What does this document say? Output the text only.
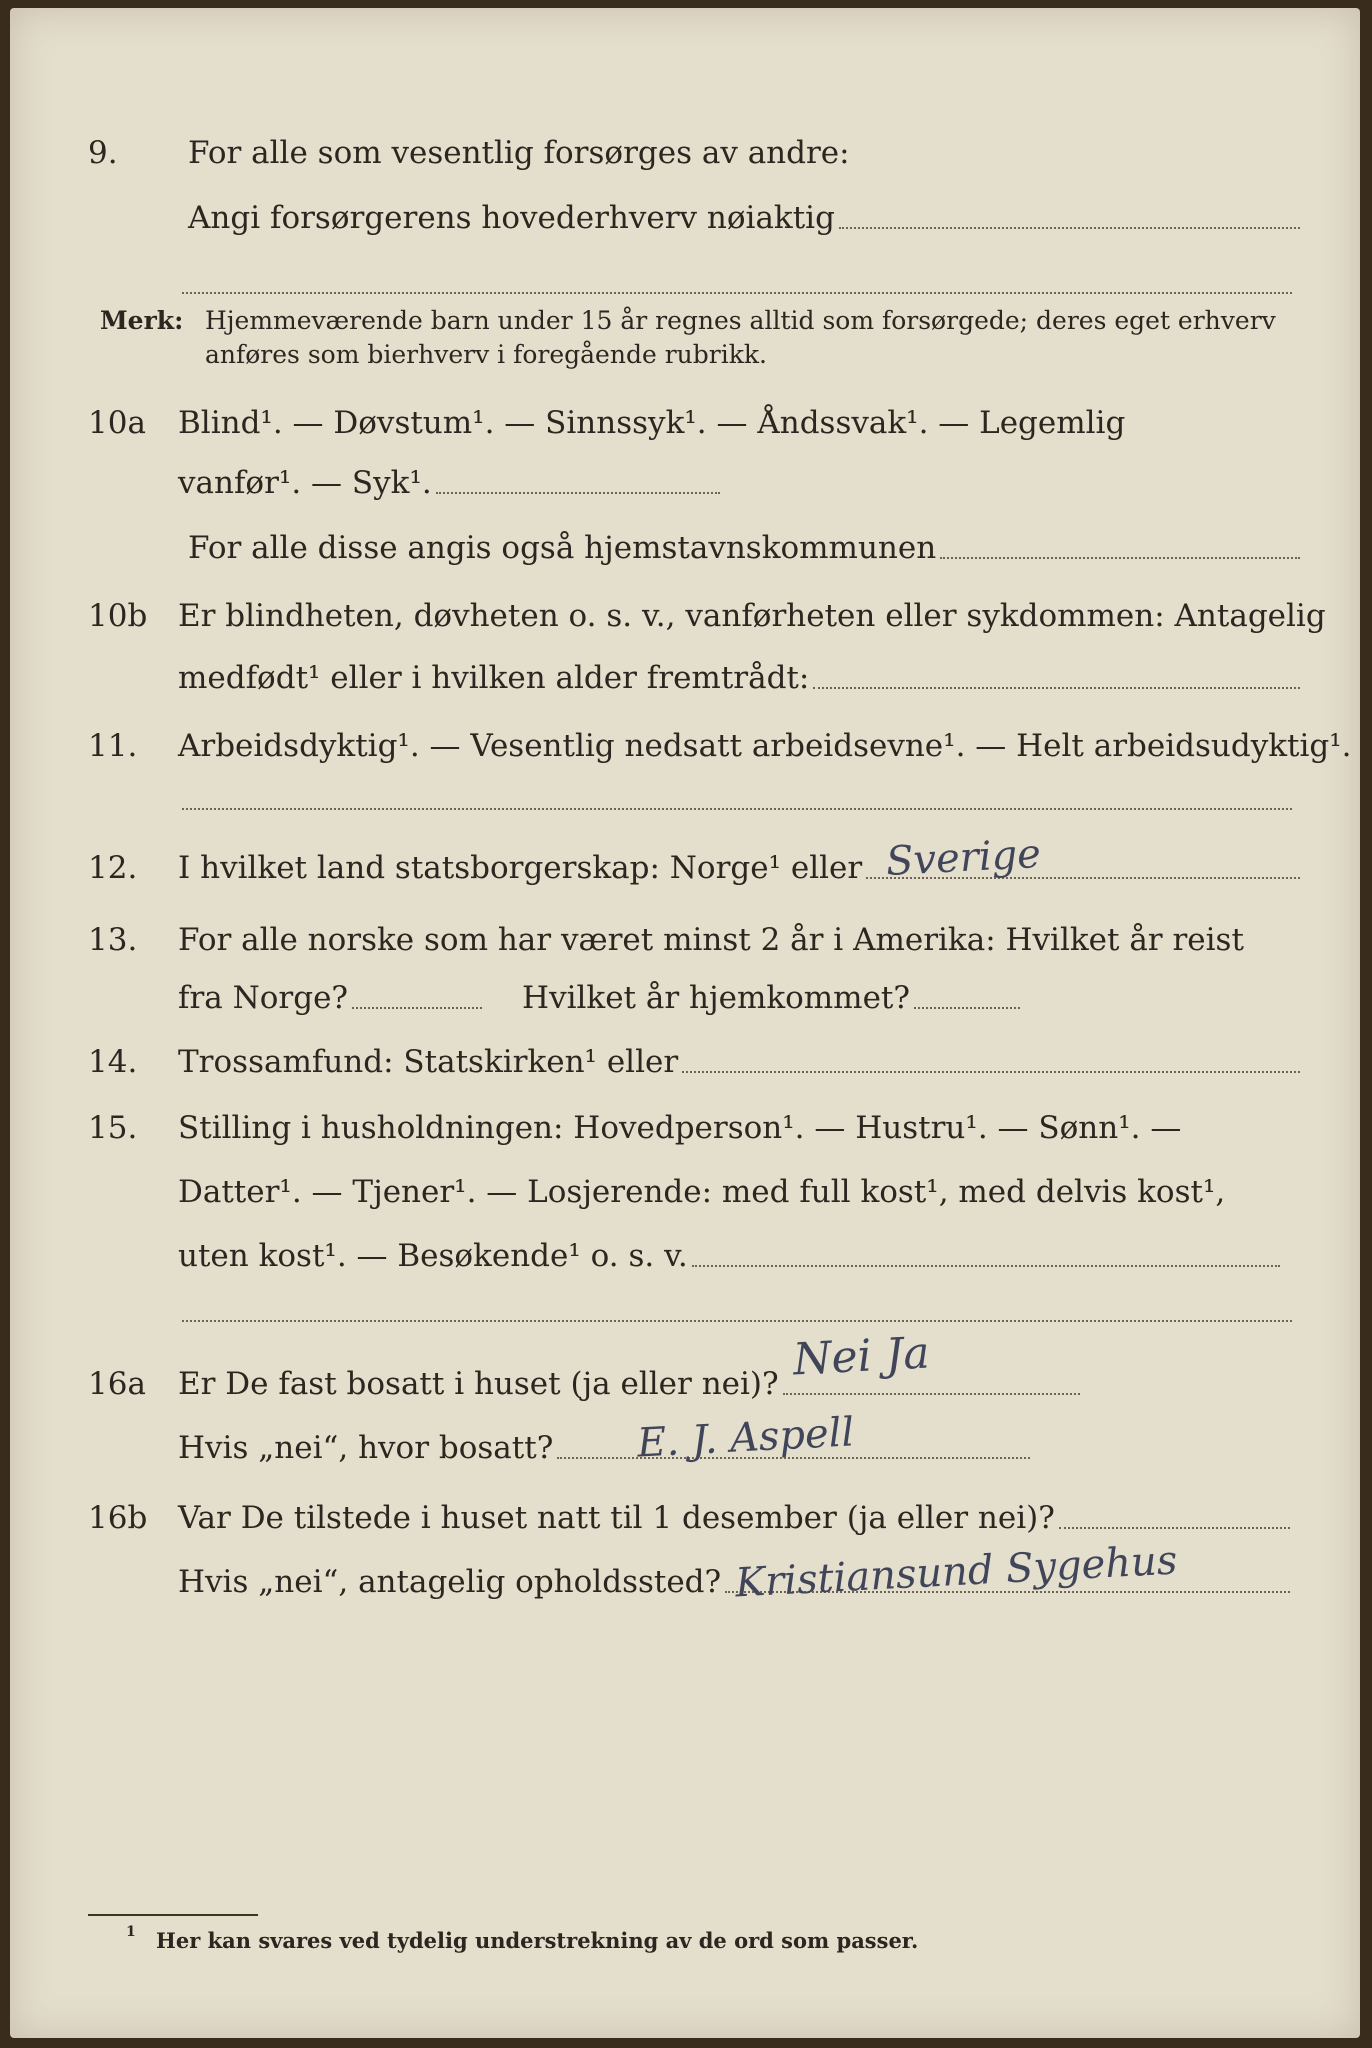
9.	For alle som vesentlig forsørges av andre:
Angi forsørgerens hovederhverv nøiaktig
Merk: Hjemmeværende barn under 15 år regnes alltid som forsørgede; deres eget erhverv anføres som bierhverv i foregående rubrikk.
10a	Blind¹. — Døvstum¹. — Sinnssyk¹. — Åndssvak¹. — Legemlig
vanfør¹. — Syk¹.
For alle disse angis også hjemstavnskommunen
10b Er blindheten, døvheten o. s. v., vanførheten eller sykdommen: Antagelig
medfødt¹ eller i hvilken alder fremtrådt:
11.	Arbeidsdyktig¹. — Vesentlig nedsatt arbeidsevne¹. — Helt arbeidsudyktig¹.
12.	I hvilket land statsborgerskap: Norge¹ eller Sverige
13.	For alle norske som har været minst 2 år i Amerika: Hvilket år reist
fra Norge?	Hvilket år hjemkommet?
14.	Trossamfund: Statskirken¹ eller
15.	Stilling i husholdningen: Hovedperson¹. — Hustru¹. — Sønn¹. —
Datter¹. — Tjener¹. — Losjerende: med full kost¹, med delvis kost¹,
uten kost¹. — Besøkende¹ o. s. v.
16a	Er De fast bosatt i huset (ja eller nei)? Nei Ja
Hvis „nei“, hvor bosatt? E. J. Aspell
16b Var De tilstede i huset natt til 1 desember (ja eller nei)?
Hvis „nei“, antagelig opholdssted? Kristiansund Sygehus
1 Her kan svares ved tydelig understrekning av de ord som passer.
